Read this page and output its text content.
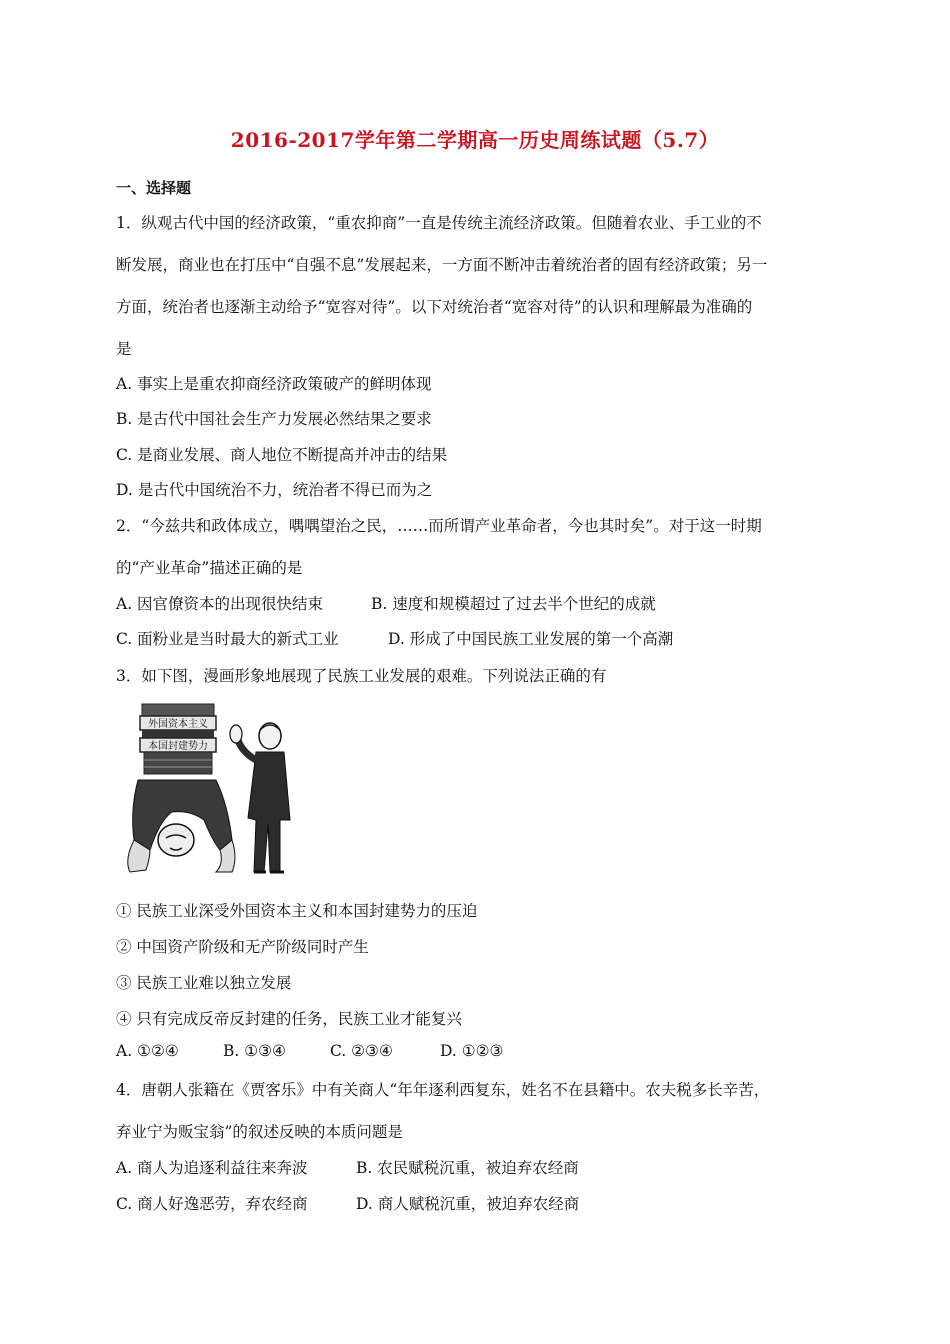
2016-2017学年第二学期高一历史周练试题（5.7）
一、选择题
1．纵观古代中国的经济政策，“重农抑商”一直是传统主流经济政策。但随着农业、手工业的不
断发展，商业也在打压中“自强不息”发展起来，一方面不断冲击着统治者的固有经济政策；另一
方面，统治者也逐渐主动给予“宽容对待”。以下对统治者“宽容对待”的认识和理解最为准确的
是
A. 事实上是重农抑商经济政策破产的鲜明体现
B. 是古代中国社会生产力发展必然结果之要求
C. 是商业发展、商人地位不断提高并冲击的结果
D. 是古代中国统治不力，统治者不得已而为之
2．“今兹共和政体成立，喁喁望治之民，……而所谓产业革命者，今也其时矣”。对于这一时期
的“产业革命”描述正确的是
A. 因官僚资本的出现很快结束	B. 速度和规模超过了过去半个世纪的成就
C. 面粉业是当时最大的新式工业	D. 形成了中国民族工业发展的第一个高潮
3．如下图，漫画形象地展现了民族工业发展的艰难。下列说法正确的有
外国资本主义
本国封建势力
① 民族工业深受外国资本主义和本国封建势力的压迫
② 中国资产阶级和无产阶级同时产生
③ 民族工业难以独立发展
④ 只有完成反帝反封建的任务，民族工业才能复兴
A. ①②④	B. ①③④	C. ②③④	D. ①②③
4．唐朝人张籍在《贾客乐》中有关商人“年年逐利西复东，姓名不在县籍中。农夫税多长辛苦，
弃业宁为贩宝翁”的叙述反映的本质问题是
A. 商人为追逐利益往来奔波	B. 农民赋税沉重，被迫弃农经商
C. 商人好逸恶劳，弃农经商	D. 商人赋税沉重，被迫弃农经商
